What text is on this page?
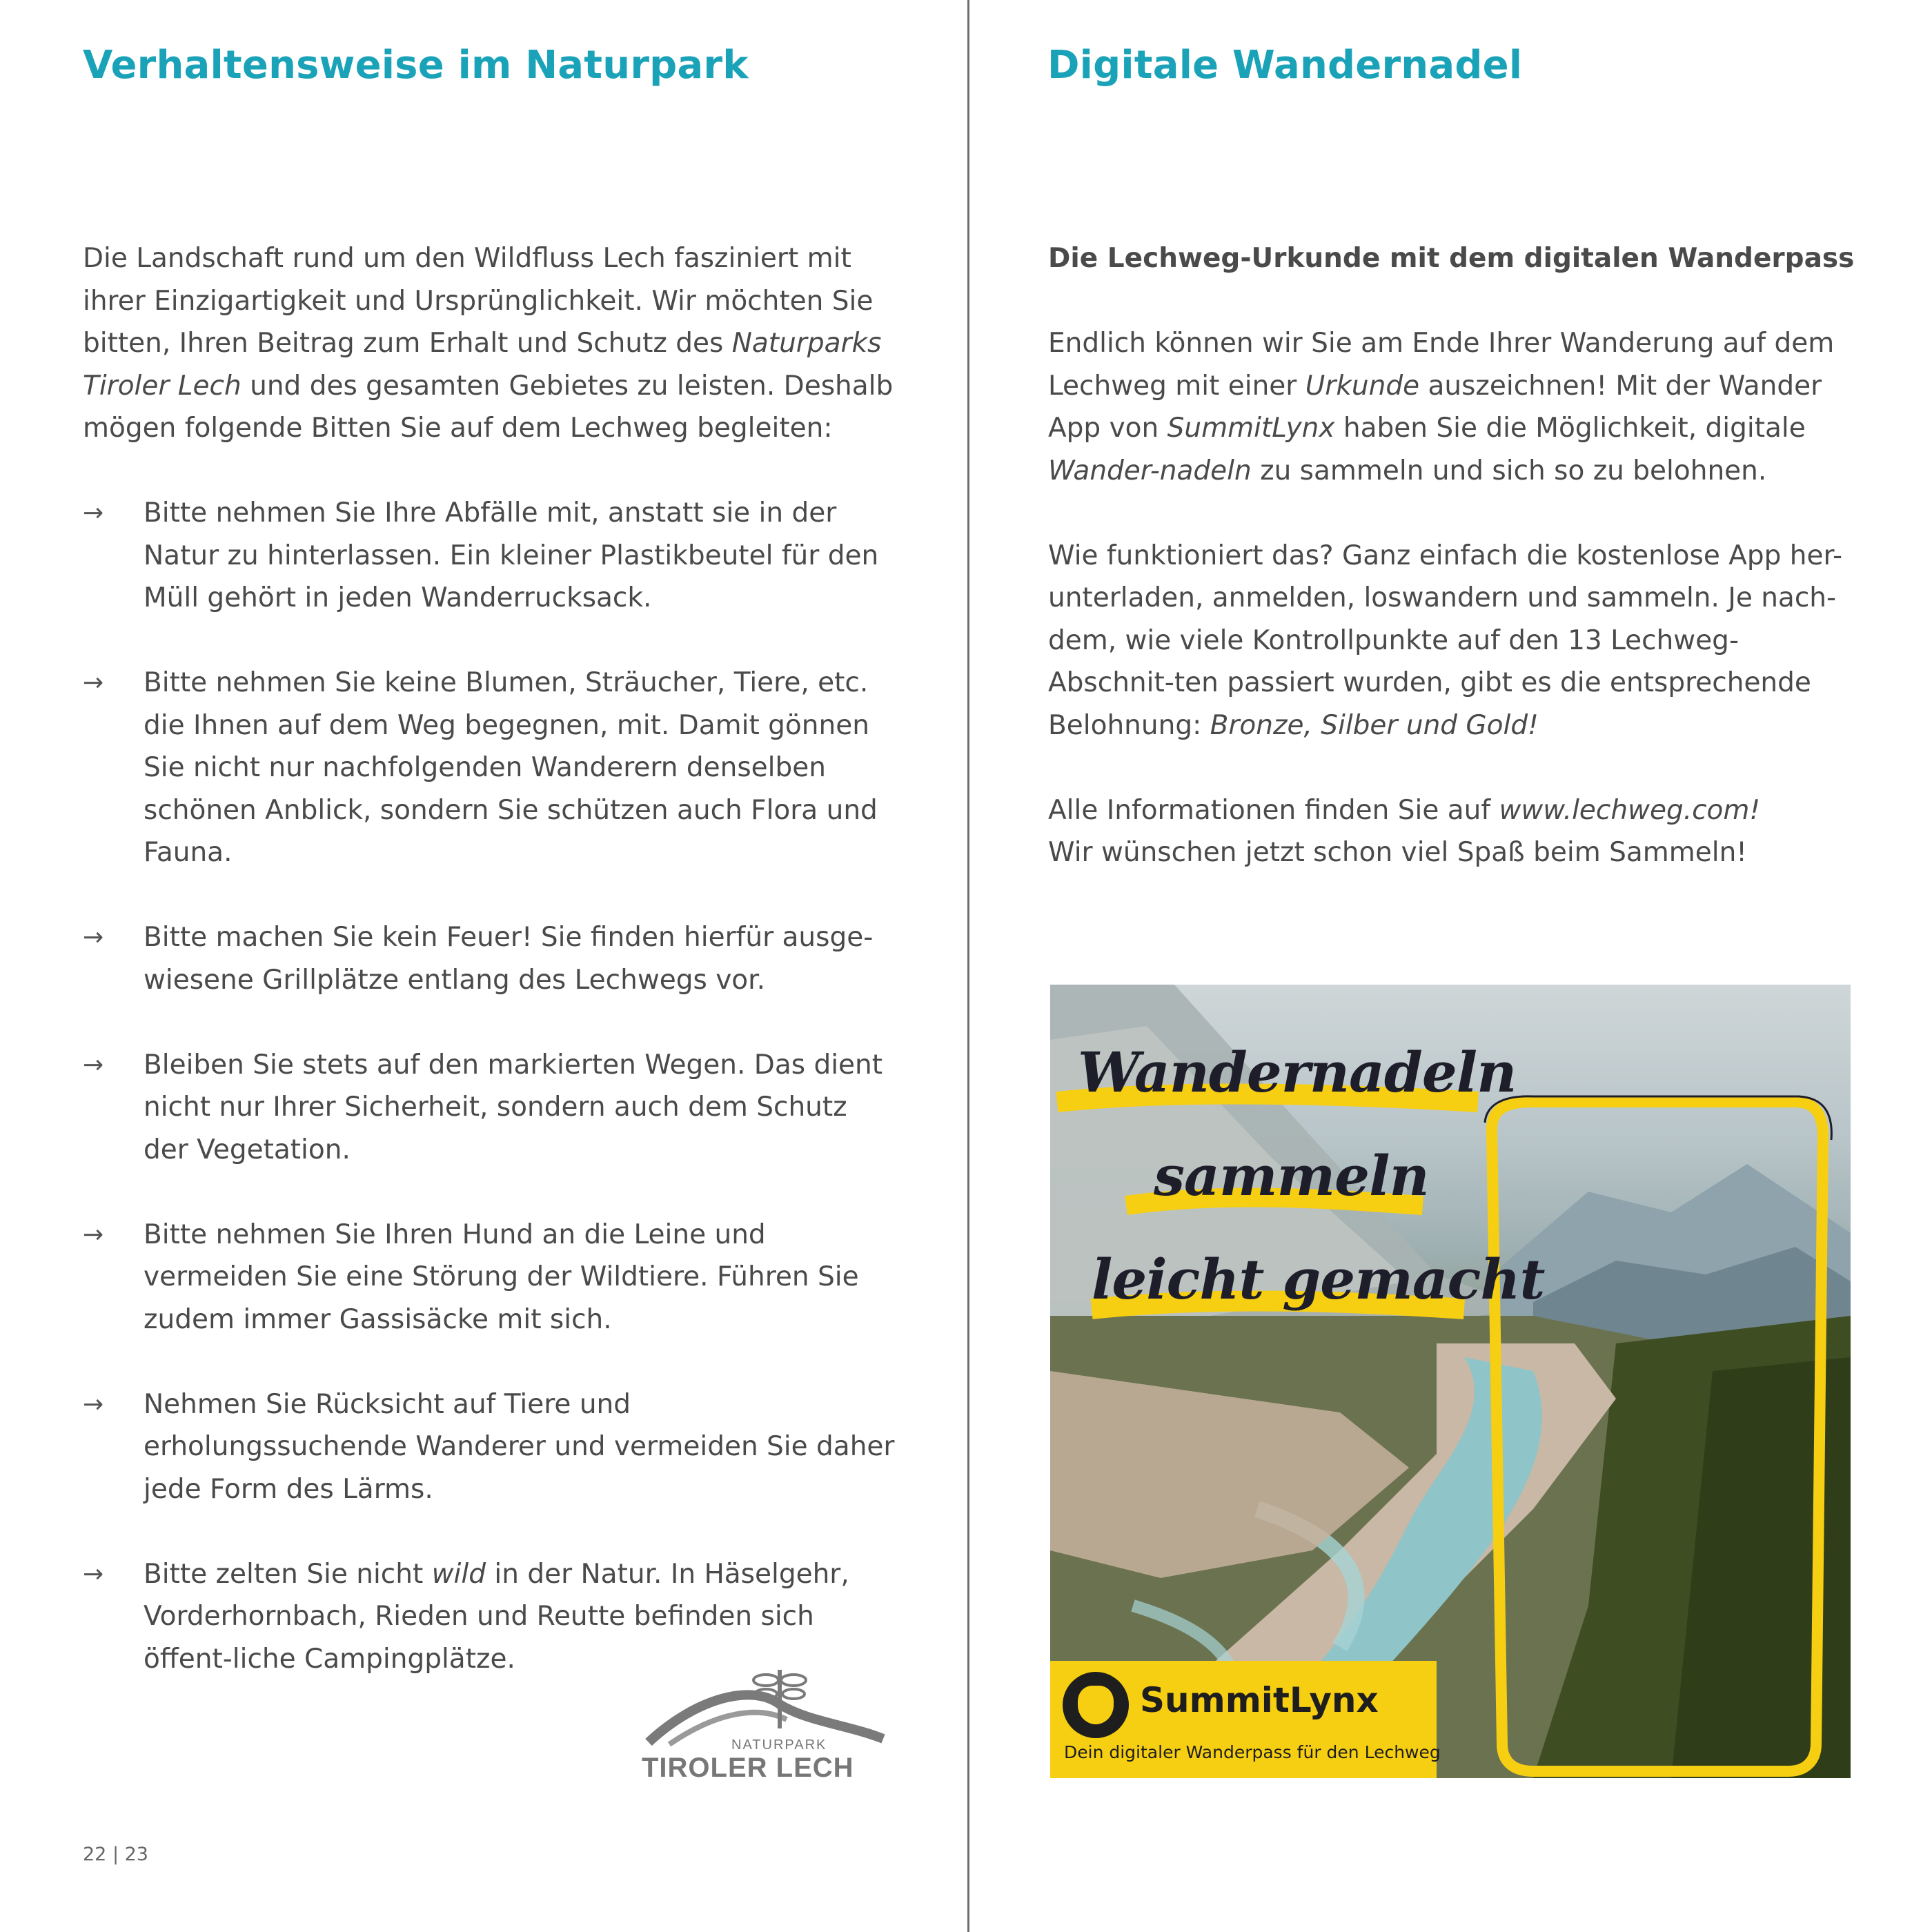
Verhaltensweise im Naturpark

Die Landschaft rund um den Wildfluss Lech fasziniert mit ihrer Einzigartigkeit und Ursprünglichkeit. Wir möchten Sie bitten, Ihren Beitrag zum Erhalt und Schutz des Naturparks Tiroler Lech und des gesamten Gebietes zu leisten. Deshalb mögen folgende Bitten Sie auf dem Lechweg begleiten:

→ Bitte nehmen Sie Ihre Abfälle mit, anstatt sie in der Natur zu hinterlassen. Ein kleiner Plastikbeutel für den Müll gehört in jeden Wanderrucksack.
→ Bitte nehmen Sie keine Blumen, Sträucher, Tiere, etc. die Ihnen auf dem Weg begegnen, mit. Damit gönnen Sie nicht nur nachfolgenden Wanderern denselben schönen Anblick, sondern Sie schützen auch Flora und Fauna.
→ Bitte machen Sie kein Feuer! Sie finden hierfür ausge-wiesene Grillplätze entlang des Lechwegs vor.
→ Bleiben Sie stets auf den markierten Wegen. Das dient nicht nur Ihrer Sicherheit, sondern auch dem Schutz der Vegetation.
→ Bitte nehmen Sie Ihren Hund an die Leine und vermeiden Sie eine Störung der Wildtiere. Führen Sie zudem immer Gassisäcke mit sich.
→ Nehmen Sie Rücksicht auf Tiere und erholungssuchende Wanderer und vermeiden Sie daher jede Form des Lärms.
→ Bitte zelten Sie nicht wild in der Natur. In Häselgehr, Vorderhornbach, Rieden und Reutte befinden sich öffent-liche Campingplätze.
NATURPARK
TIROLER LECH
22 | 23
Digitale Wandernadel

Die Lechweg-Urkunde mit dem digitalen Wanderpass

Endlich können wir Sie am Ende Ihrer Wanderung auf dem Lechweg mit einer Urkunde auszeichnen! Mit der Wander App von SummitLynx haben Sie die Möglichkeit, digitale Wander-nadeln zu sammeln und sich so zu belohnen.

Wie funktioniert das? Ganz einfach die kostenlose App her-unterladen, anmelden, loswandern und sammeln. Je nach-dem, wie viele Kontrollpunkte auf den 13 Lechweg-Abschnit-ten passiert wurden, gibt es die entsprechende Belohnung: Bronze, Silber und Gold!

Alle Informationen finden Sie auf www.lechweg.com!
Wir wünschen jetzt schon viel Spaß beim Sammeln!

Wandernadeln
sammeln
leicht gemacht
SummitLynx
Dein digitaler Wanderpass für den Lechweg
